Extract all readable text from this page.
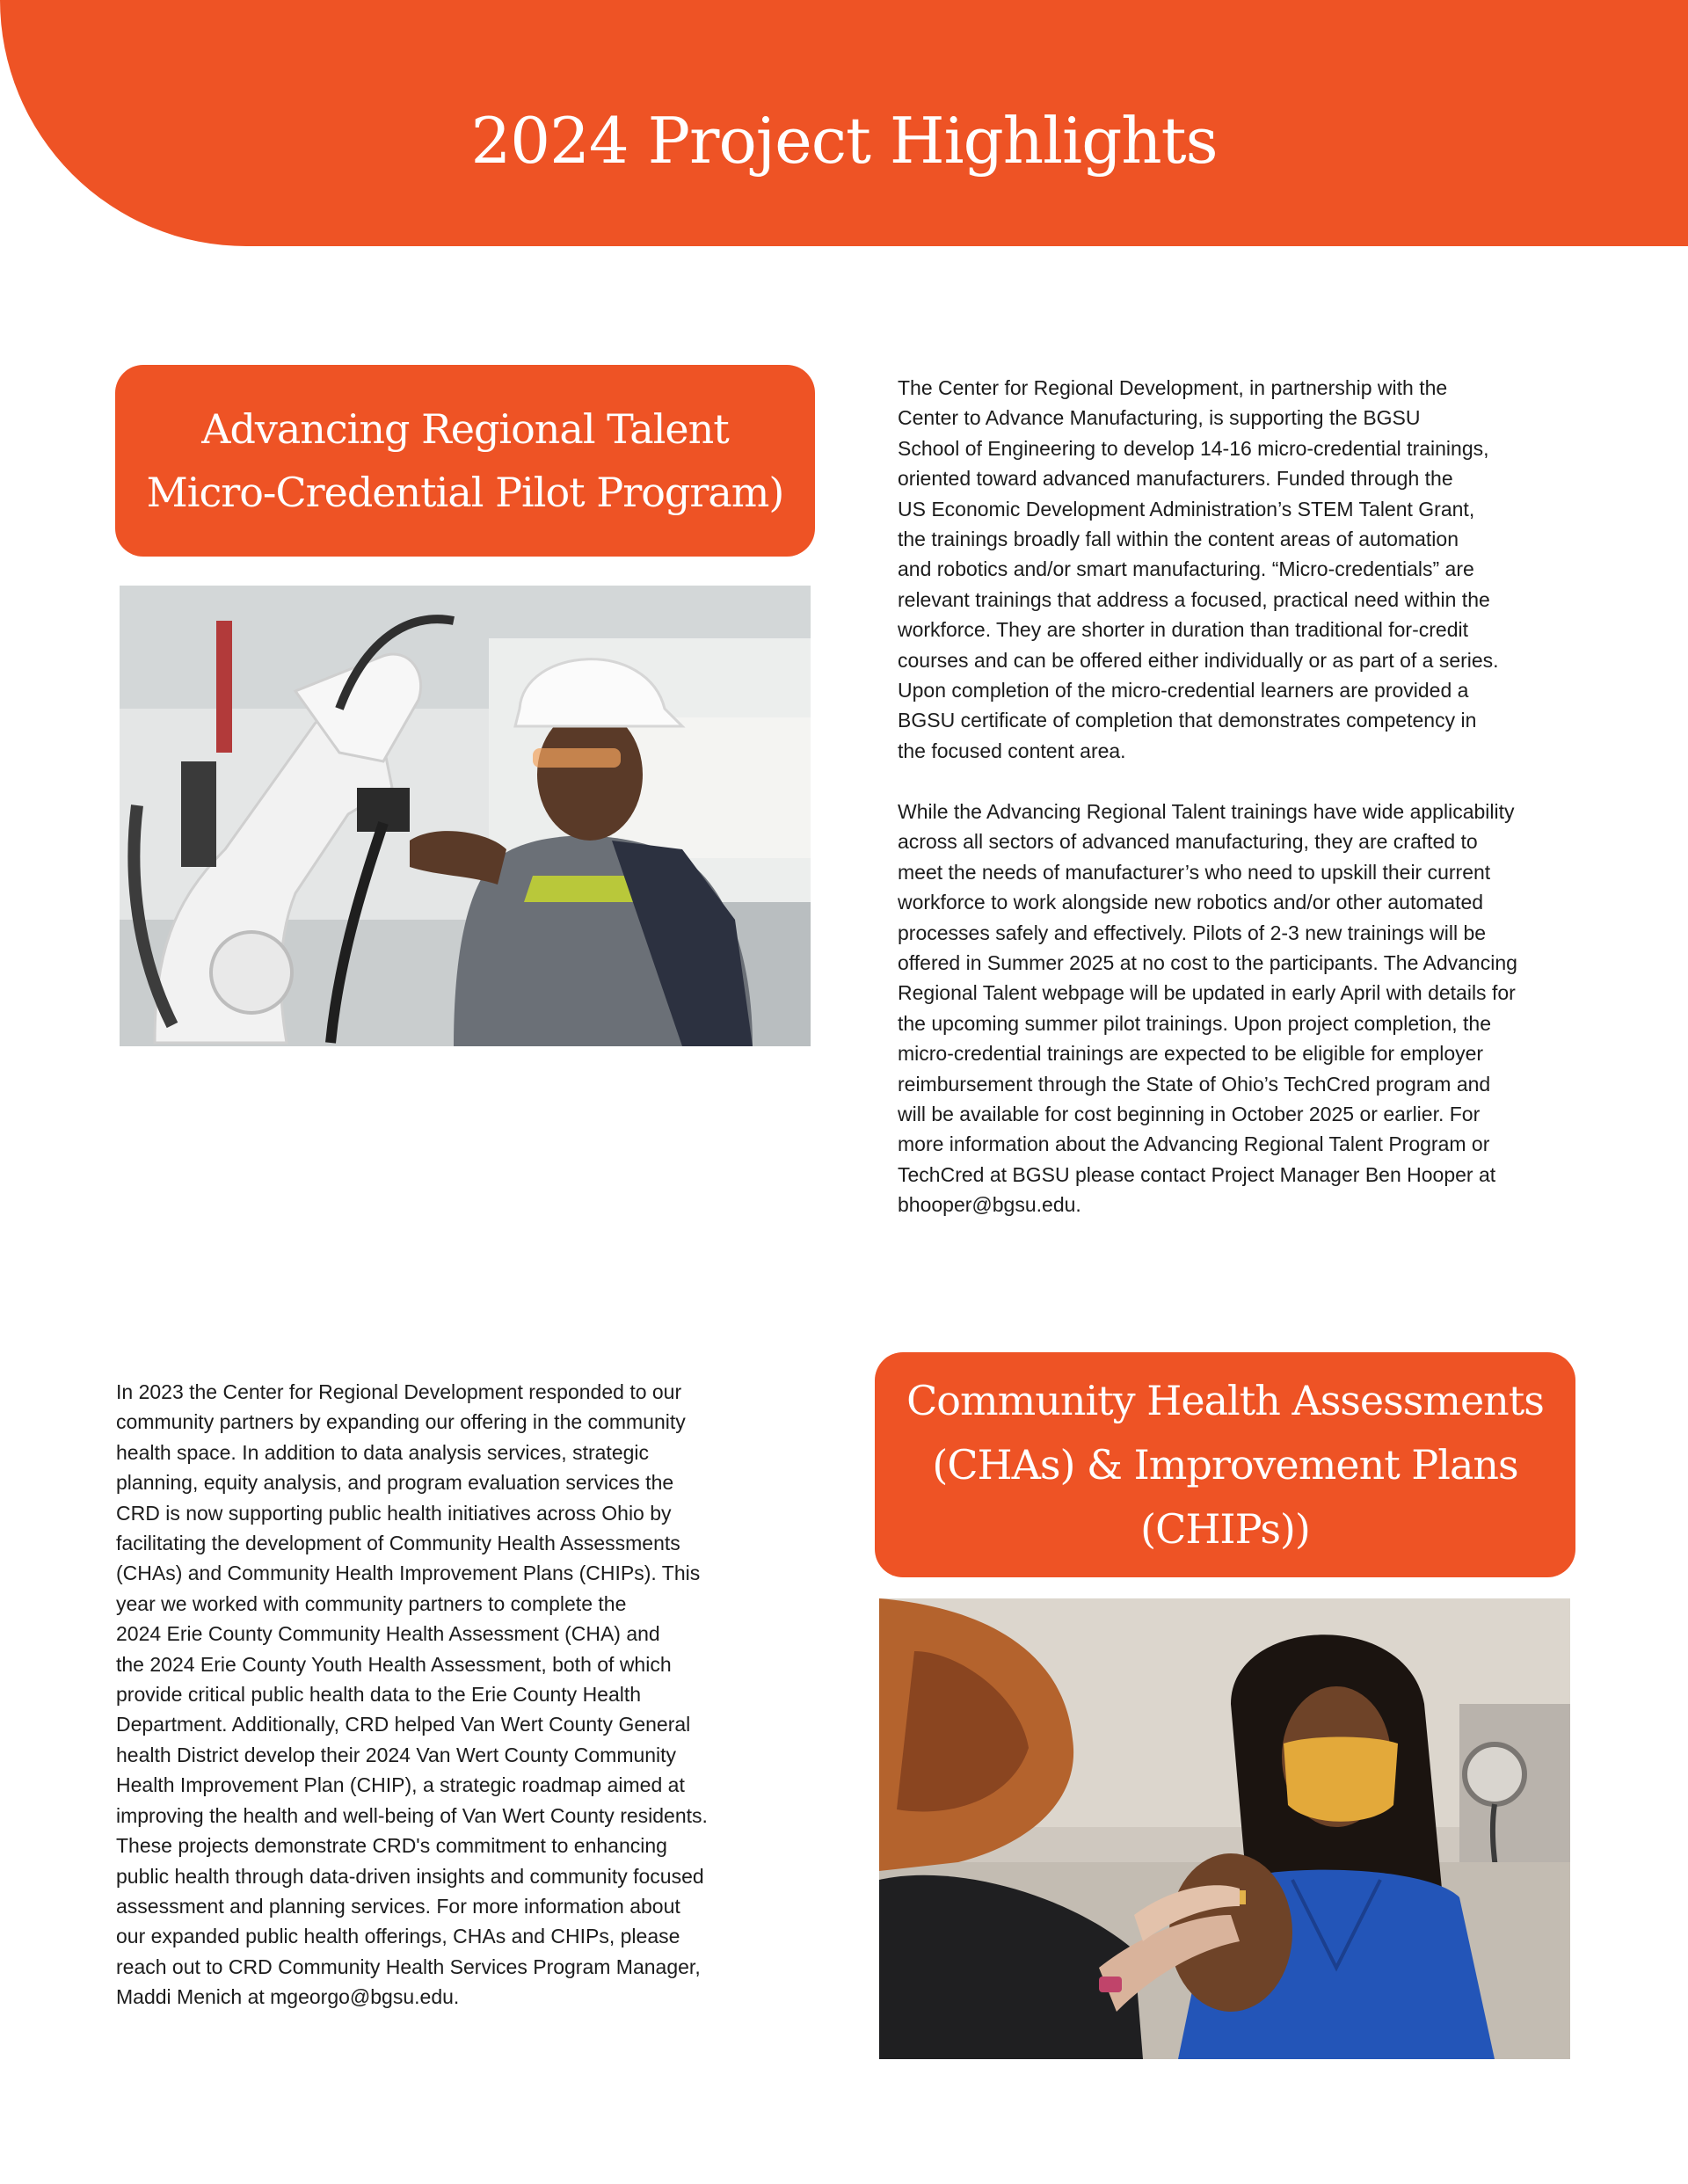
2024 Project Highlights
Advancing Regional Talent
Micro-Credential Pilot Program)

The Center for Regional Development, in partnership with the

Center to Advance Manufacturing, is supporting the BGSU

School of Engineering to develop 14-16 micro-credential trainings,

oriented toward advanced manufacturers. Funded through the

US Economic Development Administration’s STEM Talent Grant,

the trainings broadly fall within the content areas of automation

and robotics and/or smart manufacturing. “Micro-credentials” are

relevant trainings that address a focused, practical need within the

workforce. They are shorter in duration than traditional for-credit

courses and can be offered either individually or as part of a series.

Upon completion of the micro-credential learners are provided a

BGSU certificate of completion that demonstrates competency in

the focused content area.

While the Advancing Regional Talent trainings have wide applicability

across all sectors of advanced manufacturing, they are crafted to

meet the needs of manufacturer’s who need to upskill their current

workforce to work alongside new robotics and/or other automated

processes safely and effectively. Pilots of 2-3 new trainings will be

offered in Summer 2025 at no cost to the participants. The Advancing

Regional Talent webpage will be updated in early April with details for

the upcoming summer pilot trainings. Upon project completion, the

micro-credential trainings are expected to be eligible for employer

reimbursement through the State of Ohio’s TechCred program and

will be available for cost beginning in October 2025 or earlier. For

more information about the Advancing Regional Talent Program or

TechCred at BGSU please contact Project Manager Ben Hooper at

bhooper@bgsu.edu.

In 2023 the Center for Regional Development responded to our

community partners by expanding our offering in the community

health space. In addition to data analysis services, strategic

planning, equity analysis, and program evaluation services the

CRD is now supporting public health initiatives across Ohio by

facilitating the development of Community Health Assessments

(CHAs) and Community Health Improvement Plans (CHIPs). This

year we worked with community partners to complete the

2024 Erie County Community Health Assessment (CHA) and

the 2024 Erie County Youth Health Assessment, both of which

provide critical public health data to the Erie County Health

Department. Additionally, CRD helped Van Wert County General

health District develop their 2024 Van Wert County Community

Health Improvement Plan (CHIP), a strategic roadmap aimed at

improving the health and well-being of Van Wert County residents.

These projects demonstrate CRD's commitment to enhancing

public health through data-driven insights and community focused

assessment and planning services. For more information about

our expanded public health offerings, CHAs and CHIPs, please

reach out to CRD Community Health Services Program Manager,

Maddi Menich at mgeorgo@bgsu.edu.

Community Health Assessments
(CHAs) & Improvement Plans
(CHIPs))
